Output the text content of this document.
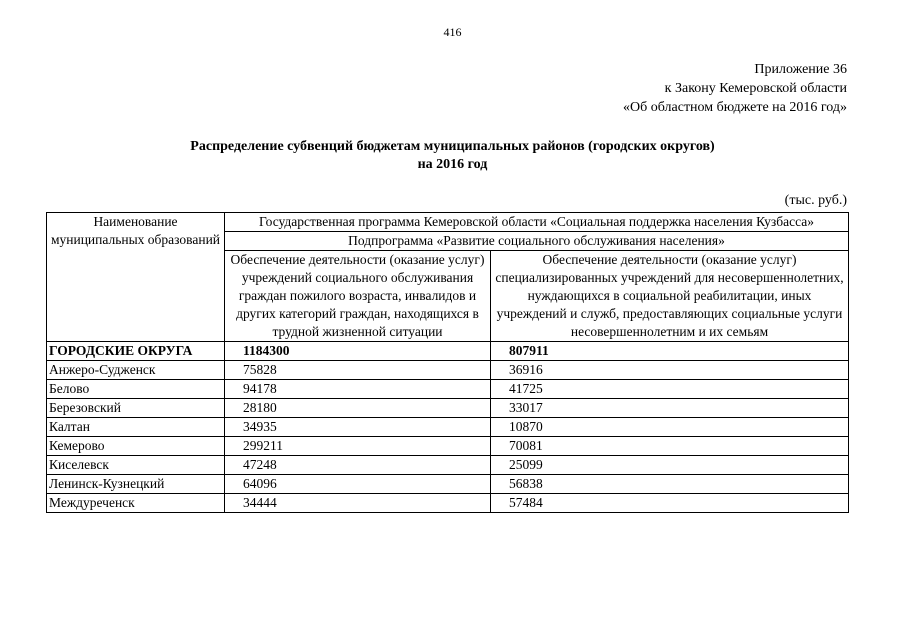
416
Приложение 36
к Закону Кемеровской области
«Об областном бюджете на 2016 год»
Распределение субвенций бюджетам муниципальных районов (городских округов)
на 2016 год
(тыс. руб.)
Наименование муниципальных образований	Государственная программа Кемеровской области «Социальная поддержка населения Кузбасса»	
	Подпрограмма «Развитие социального обслуживания населения»	
	Обеспечение деятельности (оказание услуг) учреждений социального обслуживания граждан пожилого возраста, инвалидов и других категорий граждан, находящихся в трудной жизненной ситуации	Обеспечение деятельности (оказание услуг) специализированных учреждений для несовершеннолетних, нуждающихся в социальной реабилитации, иных учреждений и служб, предоставляющих социальные услуги несовершеннолетним и их семьям
ГОРОДСКИЕ ОКРУГА	1184300	807911
Анжеро-Судженск	75828	36916
Белово	94178	41725
Березовский	28180	33017
Калтан	34935	10870
Кемерово	299211	70081
Киселевск	47248	25099
Ленинск-Кузнецкий	64096	56838
Междуреченск	34444	57484
